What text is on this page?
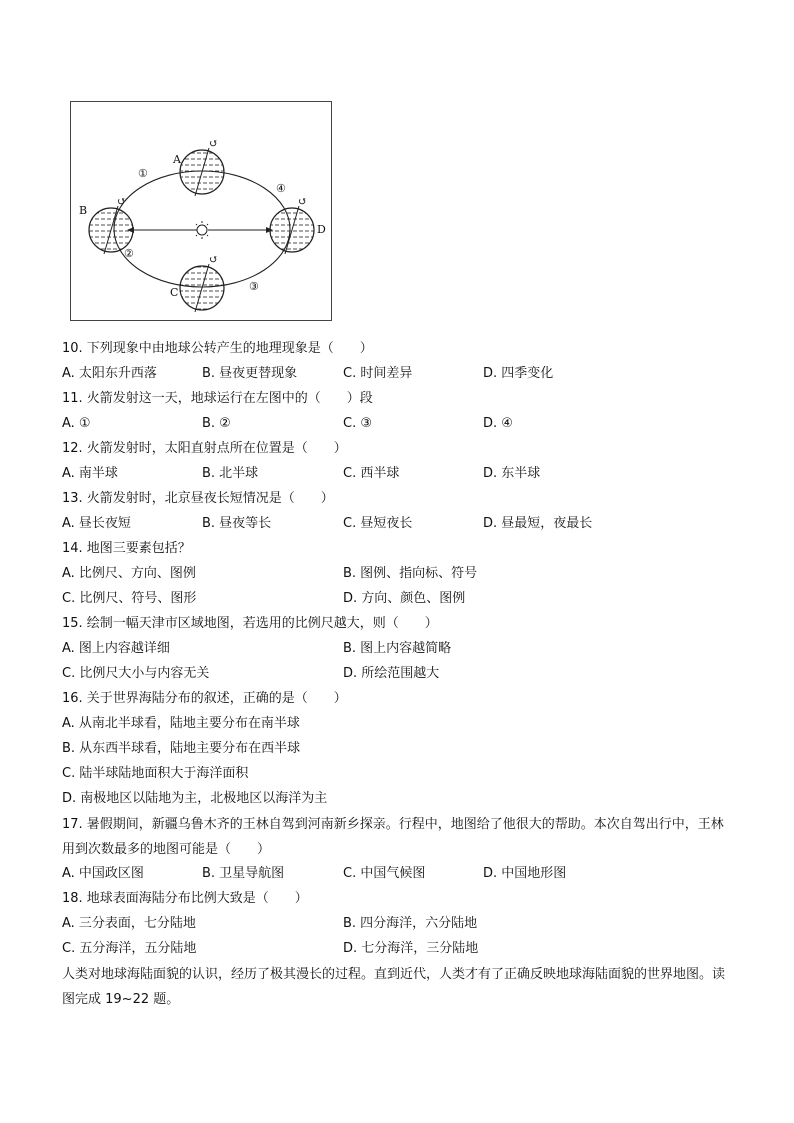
↺
↺
↺
↺
A
B
C
D
①
②
③
④
10. 下列现象中由地球公转产生的地理现象是（　　）
A. 太阳东升西落	B. 昼夜更替现象	C. 时间差异	D. 四季变化
11. 火箭发射这一天，地球运行在左图中的（　　）段
A. ①	B. ②	C. ③	D. ④
12. 火箭发射时，太阳直射点所在位置是（　　）
A. 南半球	B. 北半球	C. 西半球	D. 东半球
13. 火箭发射时，北京昼夜长短情况是（　　）
A. 昼长夜短	B. 昼夜等长	C. 昼短夜长	D. 昼最短，夜最长
14. 地图三要素包括？
A. 比例尺、方向、图例	B. 图例、指向标、符号
C. 比例尺、符号、图形	D. 方向、颜色、图例
15. 绘制一幅天津市区域地图，若选用的比例尺越大，则（　　）
A. 图上内容越详细	B. 图上内容越简略
C. 比例尺大小与内容无关	D. 所绘范围越大
16. 关于世界海陆分布的叙述，正确的是（　　）
A. 从南北半球看，陆地主要分布在南半球
B. 从东西半球看，陆地主要分布在西半球
C. 陆半球陆地面积大于海洋面积
D. 南极地区以陆地为主，北极地区以海洋为主
17. 暑假期间，新疆乌鲁木齐的王林自驾到河南新乡探亲。行程中，地图给了他很大的帮助。本次自驾出行中，王林用到次数最多的地图可能是（　　）
A. 中国政区图	B. 卫星导航图	C. 中国气候图	D. 中国地形图
18. 地球表面海陆分布比例大致是（　　）
A. 三分表面，七分陆地	B. 四分海洋，六分陆地
C. 五分海洋，五分陆地	D. 七分海洋，三分陆地
人类对地球海陆面貌的认识，经历了极其漫长的过程。直到近代，人类才有了正确反映地球海陆面貌的世界地图。读图完成 19~22 题。
